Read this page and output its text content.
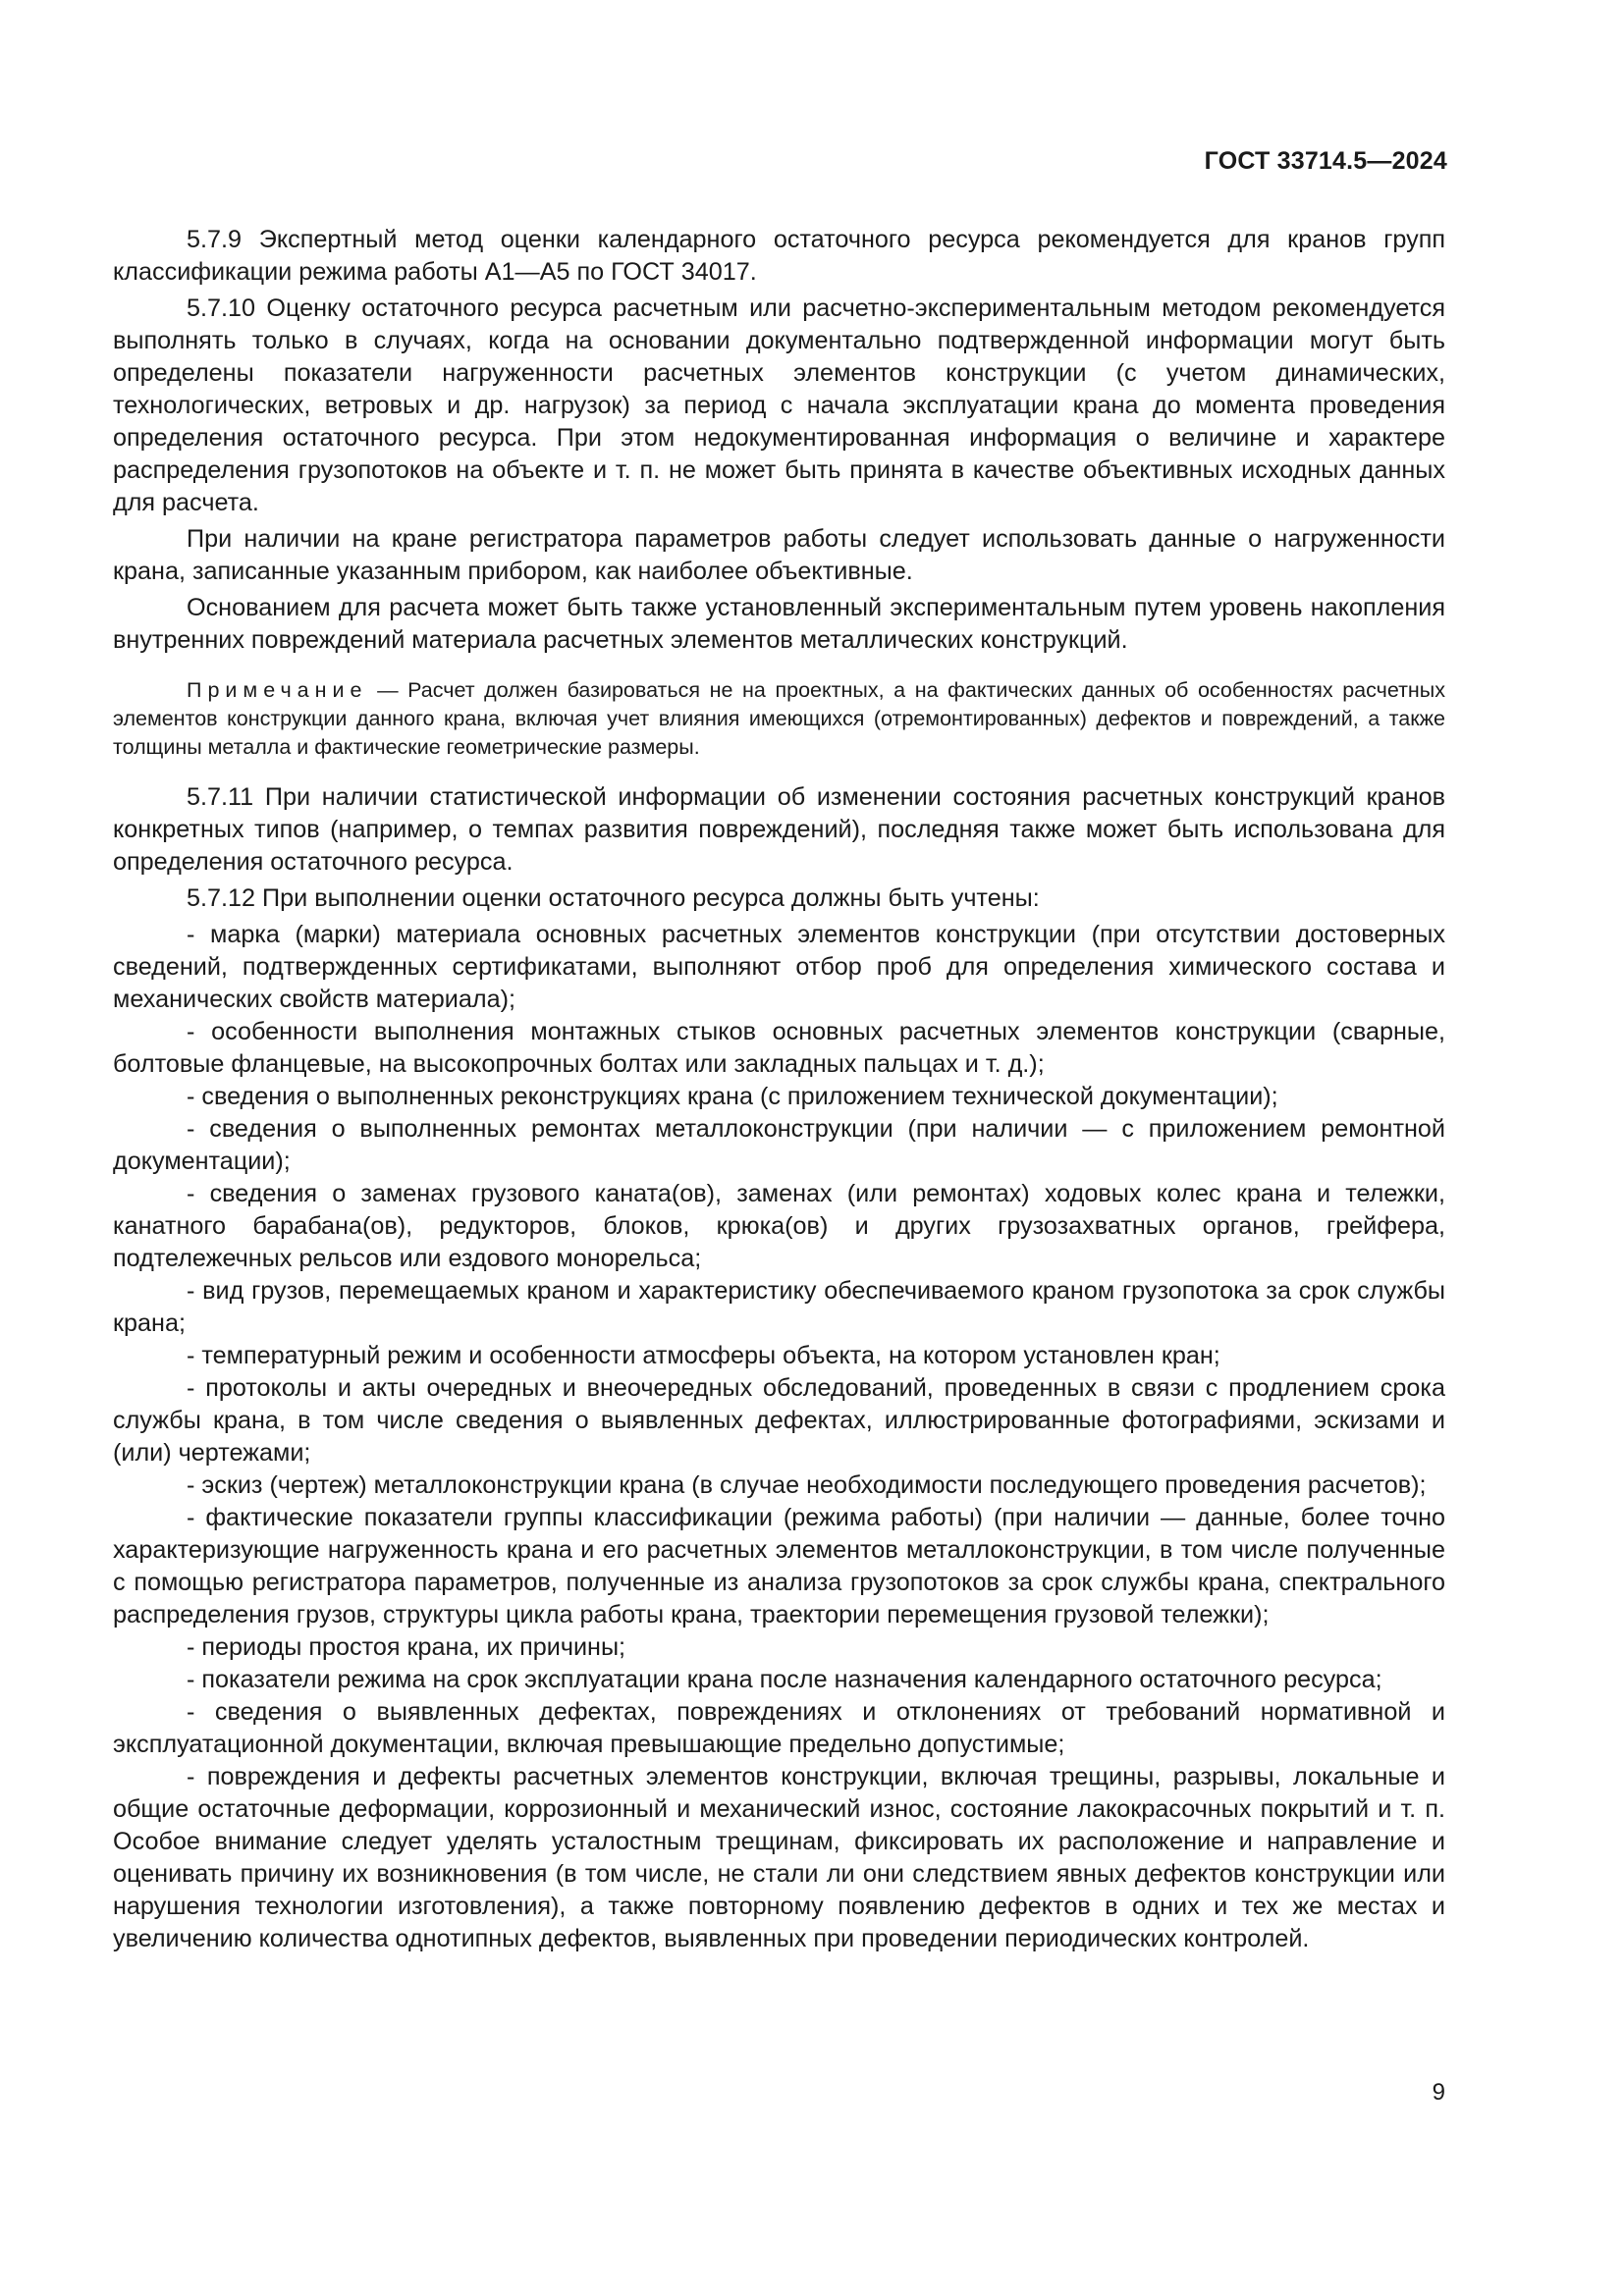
ГОСТ 33714.5—2024

5.7.9 Экспертный метод оценки календарного остаточного ресурса рекомендуется для кранов групп классификации режима работы А1—А5 по ГОСТ 34017.

5.7.10 Оценку остаточного ресурса расчетным или расчетно-экспериментальным методом рекомендуется выполнять только в случаях, когда на основании документально подтвержденной информации могут быть определены показатели нагруженности расчетных элементов конструкции (с учетом динамических, технологических, ветровых и др. нагрузок) за период с начала эксплуатации крана до момента проведения определения остаточного ресурса. При этом недокументированная информация о величине и характере распределения грузопотоков на объекте и т. п. не может быть принята в качестве объективных исходных данных для расчета.

При наличии на кране регистратора параметров работы следует использовать данные о нагруженности крана, записанные указанным прибором, как наиболее объективные.

Основанием для расчета может быть также установленный экспериментальным путем уровень накопления внутренних повреждений материала расчетных элементов металлических конструкций.

Примечание — Расчет должен базироваться не на проектных, а на фактических данных об особенностях расчетных элементов конструкции данного крана, включая учет влияния имеющихся (отремонтированных) дефектов и повреждений, а также толщины металла и фактические геометрические размеры.

5.7.11 При наличии статистической информации об изменении состояния расчетных конструкций кранов конкретных типов (например, о темпах развития повреждений), последняя также может быть использована для определения остаточного ресурса.

5.7.12 При выполнении оценки остаточного ресурса должны быть учтены:

- марка (марки) материала основных расчетных элементов конструкции (при отсутствии достоверных сведений, подтвержденных сертификатами, выполняют отбор проб для определения химического состава и механических свойств материала);

- особенности выполнения монтажных стыков основных расчетных элементов конструкции (сварные, болтовые фланцевые, на высокопрочных болтах или закладных пальцах и т. д.);

- сведения о выполненных реконструкциях крана (с приложением технической документации);

- сведения о выполненных ремонтах металлоконструкции (при наличии — с приложением ремонтной документации);

- сведения о заменах грузового каната(ов), заменах (или ремонтах) ходовых колес крана и тележки, канатного барабана(ов), редукторов, блоков, крюка(ов) и других грузозахватных органов, грейфера, подтележечных рельсов или ездового монорельса;

- вид грузов, перемещаемых краном и характеристику обеспечиваемого краном грузопотока за срок службы крана;

- температурный режим и особенности атмосферы объекта, на котором установлен кран;

- протоколы и акты очередных и внеочередных обследований, проведенных в связи с продлением срока службы крана, в том числе сведения о выявленных дефектах, иллюстрированные фотографиями, эскизами и (или) чертежами;

- эскиз (чертеж) металлоконструкции крана (в случае необходимости последующего проведения расчетов);

- фактические показатели группы классификации (режима работы) (при наличии — данные, более точно характеризующие нагруженность крана и его расчетных элементов металлоконструкции, в том числе полученные с помощью регистратора параметров, полученные из анализа грузопотоков за срок службы крана, спектрального распределения грузов, структуры цикла работы крана, траектории перемещения грузовой тележки);

- периоды простоя крана, их причины;

- показатели режима на срок эксплуатации крана после назначения календарного остаточного ресурса;

- сведения о выявленных дефектах, повреждениях и отклонениях от требований нормативной и эксплуатационной документации, включая превышающие предельно допустимые;

- повреждения и дефекты расчетных элементов конструкции, включая трещины, разрывы, локальные и общие остаточные деформации, коррозионный и механический износ, состояние лакокрасочных покрытий и т. п. Особое внимание следует уделять усталостным трещинам, фиксировать их расположение и направление и оценивать причину их возникновения (в том числе, не стали ли они следствием явных дефектов конструкции или нарушения технологии изготовления), а также повторному появлению дефектов в одних и тех же местах и увеличению количества однотипных дефектов, выявленных при проведении периодических контролей.

9
